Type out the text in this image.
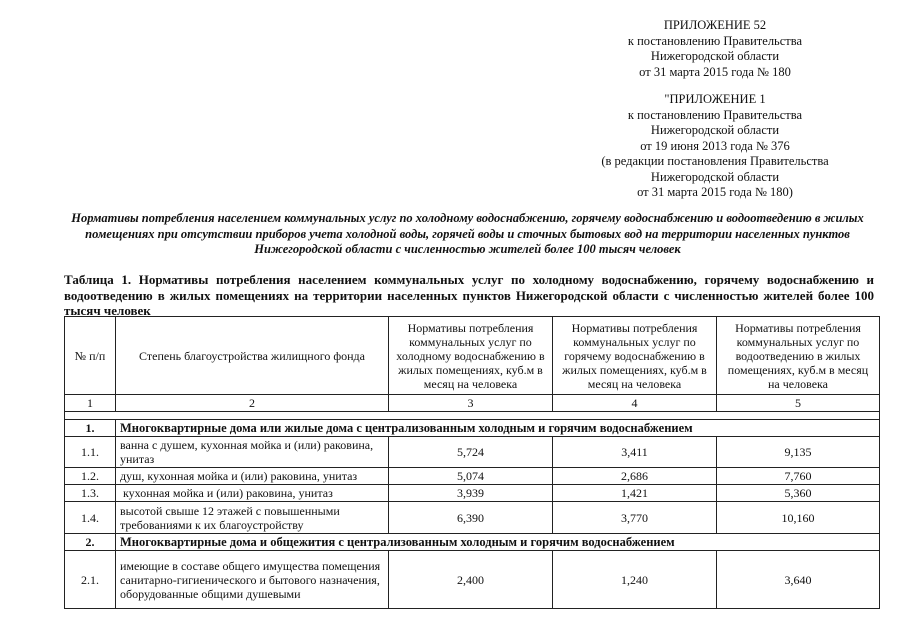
ПРИЛОЖЕНИЕ 52
к постановлению Правительства
Нижегородской области
от 31 марта 2015 года № 180
"ПРИЛОЖЕНИЕ 1
к постановлению Правительства
Нижегородской области
от 19 июня 2013 года № 376
(в редакции постановления Правительства
Нижегородской области
от 31 марта 2015 года № 180)
Нормативы потребления населением коммунальных услуг по холодному водоснабжению, горячему водоснабжению и водоотведению в жилых помещениях при отсутствии приборов учета холодной воды, горячей воды и сточных бытовых вод на территории населенных пунктов Нижегородской области с численностью жителей более 100 тысяч человек
Таблица 1. Нормативы потребления населением коммунальных услуг по холодному водоснабжению, горячему водоснабжению и водоотведению в жилых помещениях на территории населенных пунктов Нижегородской области с численностью жителей более 100 тысяч человек
№ п/п	Степень благоустройства жилищного фонда	Нормативы потребления коммунальных услуг по холодному водоснабжению в жилых помещениях, куб.м в месяц на человека	Нормативы потребления коммунальных услуг по горячему водоснабжению в жилых помещениях, куб.м в месяц на человека	Нормативы потребления коммунальных услуг по водоотведению в жилых помещениях, куб.м в месяц на человека
1	2	3	4	5

1.	Многоквартирные дома или жилые дома с централизованным холодным и горячим водоснабжением			
1.1.	ванна с душем, кухонная мойка и (или) раковина, унитаз	5,724	3,411	9,135
1.2.	душ, кухонная мойка и (или) раковина, унитаз	5,074	2,686	7,760
1.3.	кухонная мойка и (или) раковина, унитаз	3,939	1,421	5,360
1.4.	высотой свыше 12 этажей с повышенными требованиями к их благоустройству	6,390	3,770	10,160
2.	Многоквартирные дома и общежития с централизованным холодным и горячим водоснабжением			
2.1.	имеющие в составе общего имущества помещения санитарно-гигиенического и бытового назначения, оборудованные общими душевыми	2,400	1,240	3,640
